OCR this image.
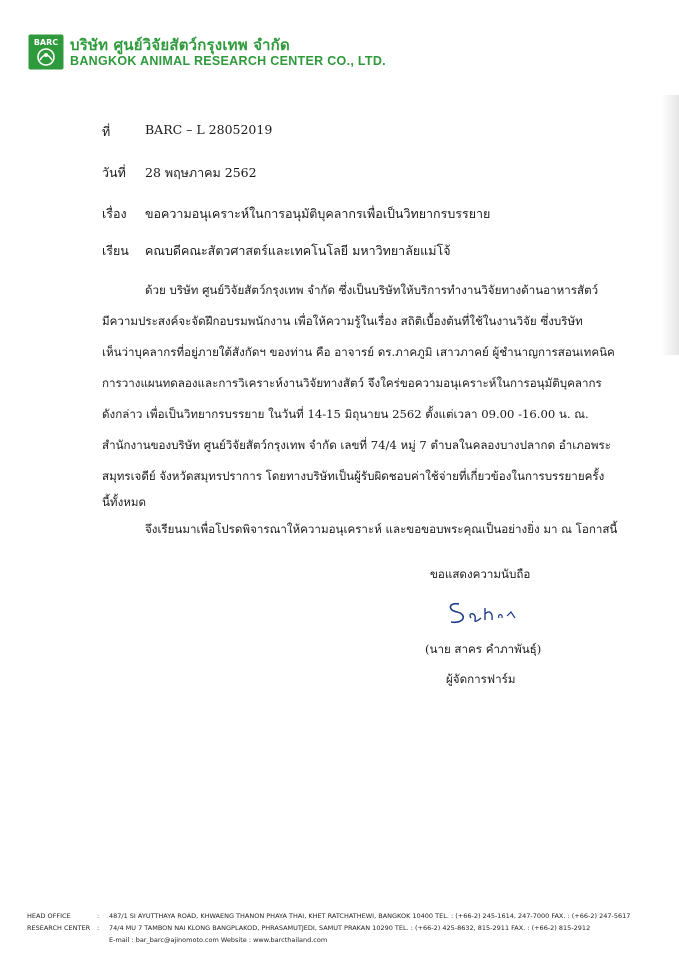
BARC บริษัท ศูนย์วิจัยสัตว์กรุงเทพ จำกัด
BANGKOK ANIMAL RESEARCH CENTER CO., LTD.
ที่	BARC – L 28052019
วันที่ 28 พฤษภาคม 2562
เรื่อง ขอความอนุเคราะห์ในการอนุมัติบุคลากรเพื่อเป็นวิทยากรบรรยาย
เรียน คณบดีคณะสัตวศาสตร์และเทคโนโลยี มหาวิทยาลัยแม่โจ้
ด้วย บริษัท ศูนย์วิจัยสัตว์กรุงเทพ จำกัด ซึ่งเป็นบริษัทให้บริการทำงานวิจัยทางด้านอาหารสัตว์
มีความประสงค์จะจัดฝึกอบรมพนักงาน เพื่อให้ความรู้ในเรื่อง สถิติเบื้องต้นที่ใช้ในงานวิจัย ซึ่งบริษัท
เห็นว่าบุคลากรที่อยู่ภายใต้สังกัดฯ ของท่าน คือ อาจารย์ ดร.ภาคภูมิ เสาวภาคย์ ผู้ชำนาญการสอนเทคนิค
การวางแผนทดลองและการวิเคราะห์งานวิจัยทางสัตว์ จึงใคร่ขอความอนุเคราะห์ในการอนุมัติบุคลากร
ดังกล่าว เพื่อเป็นวิทยากรบรรยาย ในวันที่ 14-15 มิถุนายน 2562 ตั้งแต่เวลา 09.00 -16.00 น. ณ.
สำนักงานของบริษัท ศูนย์วิจัยสัตว์กรุงเทพ จำกัด เลขที่ 74/4 หมู่ 7 ตำบลในคลองบางปลากด อำเภอพระ
สมุทรเจดีย์ จังหวัดสมุทรปราการ โดยทางบริษัทเป็นผู้รับผิดชอบค่าใช้จ่ายที่เกี่ยวข้องในการบรรยายครั้ง
นี้ทั้งหมด
จึงเรียนมาเพื่อโปรดพิจารณาให้ความอนุเคราะห์ และขอขอบพระคุณเป็นอย่างยิ่ง มา ณ โอกาสนี้
ขอแสดงความนับถือ
(นาย สาคร คำภาพันธุ์)
ผู้จัดการฟาร์ม
HEAD OFFICE	: 487/1 SI AYUTTHAYA ROAD, KHWAENG THANON PHAYA THAI, KHET RATCHATHEWI, BANGKOK 10400 TEL. : (+66-2) 245-1614, 247-7000 FAX. : (+66-2) 247-5617
RESEARCH CENTER : 74/4 MU 7 TAMBON NAI KLONG BANGPLAKOD, PHRASAMUTJEDI, SAMUT PRAKAN 10290 TEL. : (+66-2) 425-8632, 815-2911 FAX. : (+66-2) 815-2912
E-mail : bar_barc@ajinomoto.com Website : www.barcthailand.com
